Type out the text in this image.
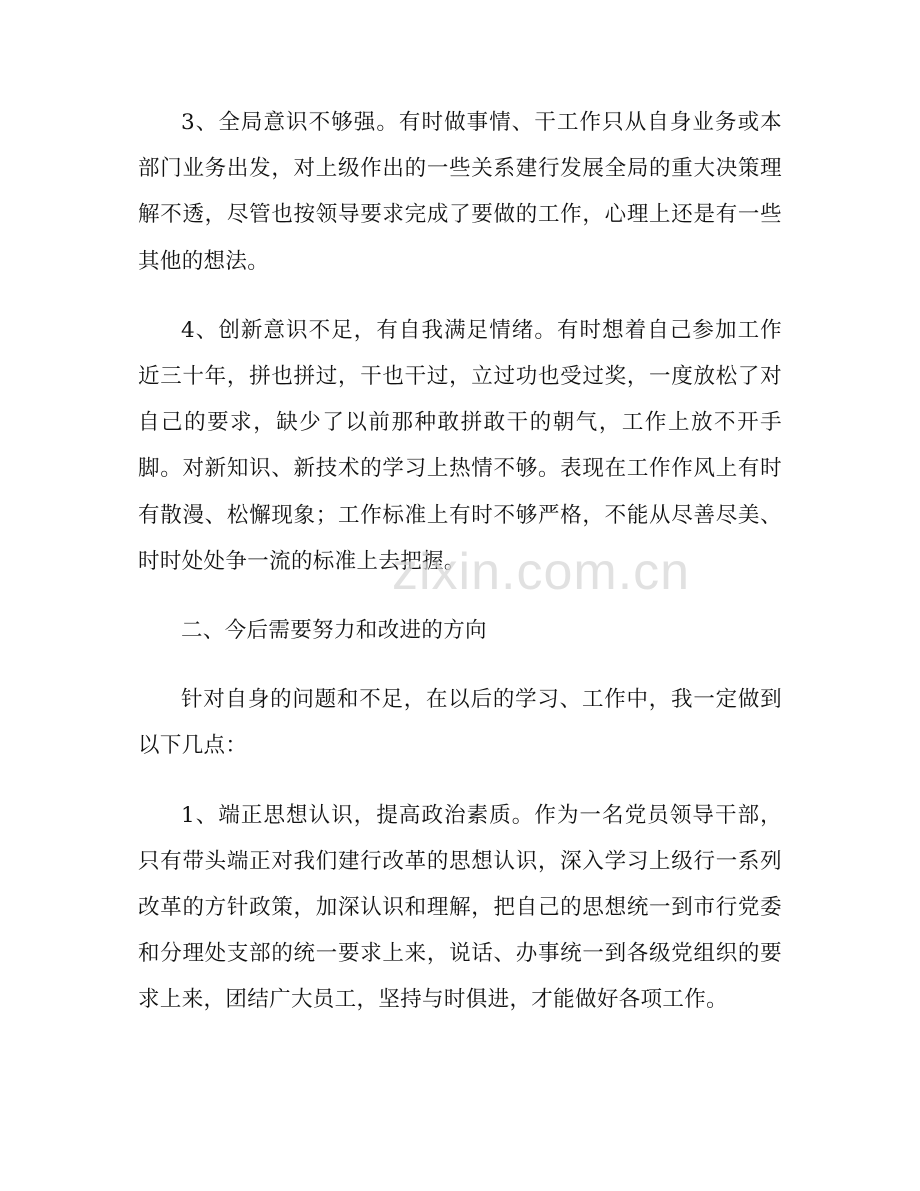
3、全局意识不够强。有时做事情、干工作只从自身业务或本部门业务出发，对上级作出的一些关系建行发展全局的重大决策理解不透，尽管也按领导要求完成了要做的工作，心理上还是有一些其他的想法。

4、创新意识不足，有自我满足情绪。有时想着自己参加工作近三十年，拼也拼过，干也干过，立过功也受过奖，一度放松了对自己的要求，缺少了以前那种敢拼敢干的朝气，工作上放不开手脚。对新知识、新技术的学习上热情不够。表现在工作作风上有时有散漫、松懈现象；工作标准上有时不够严格，不能从尽善尽美、时时处处争一流的标准上去把握。

二、今后需要努力和改进的方向

针对自身的问题和不足，在以后的学习、工作中，我一定做到以下几点：

1、端正思想认识，提高政治素质。作为一名党员领导干部，只有带头端正对我们建行改革的思想认识，深入学习上级行一系列改革的方针政策，加深认识和理解，把自己的思想统一到市行党委和分理处支部的统一要求上来，说话、办事统一到各级党组织的要求上来，团结广大员工，坚持与时俱进，才能做好各项工作。

zixin.com.cn
